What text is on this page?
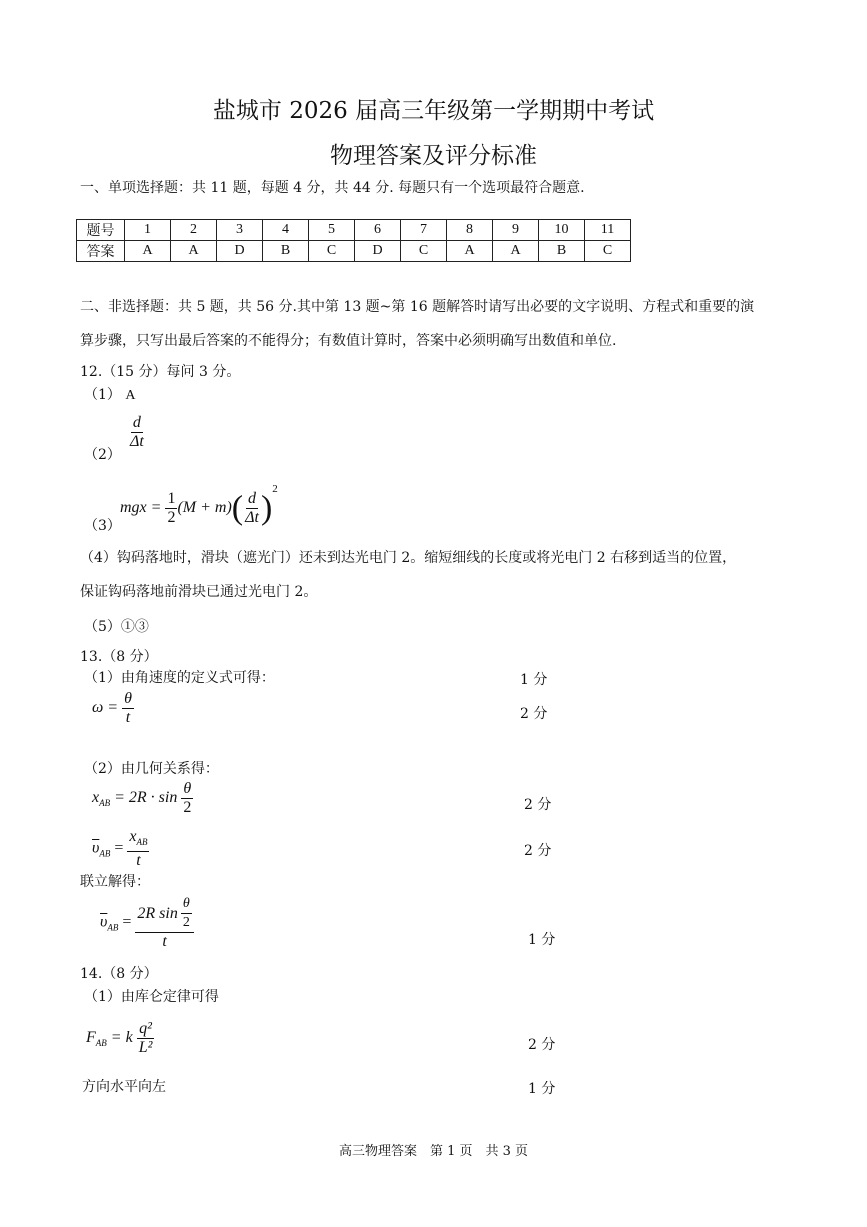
盐城市 2026 届高三年级第一学期期中考试
物理答案及评分标准
一、单项选择题：共 11 题，每题 4 分，共 44 分. 每题只有一个选项最符合题意.
题号	1	2	3	4	5	6	7	8	9	10	11
答案	A	A	D	B	C	D	C	A	A	B	C
二、非选择题：共 5 题，共 56 分.其中第 13 题~第 16 题解答时请写出必要的文字说明、方程式和重要的演
算步骤，只写出最后答案的不能得分；有数值计算时，答案中必须明确写出数值和单位.
12.（15 分）每问 3 分。
（1） A
（2）
$\frac{d}{\Delta t}$
（3）
mgx = $\frac{1}{2} (M + m)( \frac{d}{\Delta t} )^2$
（4）钩码落地时，滑块（遮光门）还未到达光电门 2。缩短细线的长度或将光电门 2 右移到适当的位置，
保证钩码落地前滑块已通过光电门 2。
（5）①③
13.（8 分）
（1）由角速度的定义式可得：	1 分
$\omega = \frac{\theta}{t}$	2 分
（2）由几何关系得：
$x_{AB} = 2R \cdot \sin \frac{\theta}{2}$	2 分
$\overline{\upsilon}_{AB} = \frac{x_{AB}}{t}$	2 分
联立解得：
$\overline{\upsilon}_{AB} = \frac{2R \sin \frac{\theta}{2}}{t}$	1 分
14.（8 分）
（1）由库仑定律可得
$F_{AB} = k \frac{\text{q²}}{\text{L²}}$	2 分
方向水平向左	1 分
高三物理答案　第 1 页　共 3 页
